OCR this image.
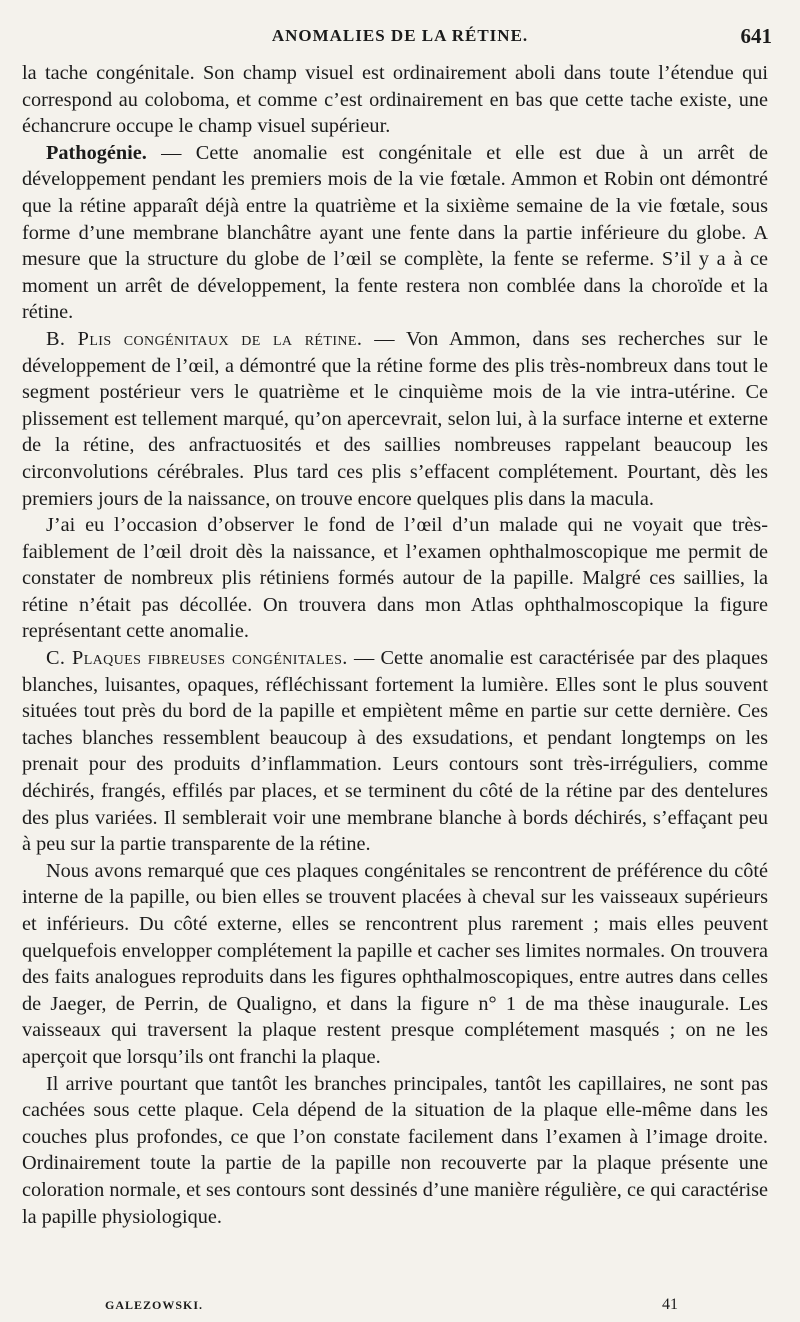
ANOMALIES DE LA RÉTINE.	641

la tache congénitale. Son champ visuel est ordinairement aboli dans toute l’étendue qui correspond au coloboma, et comme c’est ordinairement en bas que cette tache existe, une échancrure occupe le champ visuel supérieur.

Pathogénie. — Cette anomalie est congénitale et elle est due à un arrêt de développement pendant les premiers mois de la vie fœtale. Ammon et Robin ont démontré que la rétine apparaît déjà entre la quatrième et la sixième semaine de la vie fœtale, sous forme d’une membrane blanchâtre ayant une fente dans la partie inférieure du globe. A mesure que la structure du globe de l’œil se complète, la fente se referme. S’il y a à ce moment un arrêt de développement, la fente restera non comblée dans la choroïde et la rétine.

B. Plis congénitaux de la rétine. — Von Ammon, dans ses recherches sur le développement de l’œil, a démontré que la rétine forme des plis très-nombreux dans tout le segment postérieur vers le quatrième et le cinquième mois de la vie intra-utérine. Ce plissement est tellement marqué, qu’on apercevrait, selon lui, à la surface interne et externe de la rétine, des anfractuosités et des saillies nombreuses rappelant beaucoup les circonvolutions cérébrales. Plus tard ces plis s’effacent complétement. Pourtant, dès les premiers jours de la naissance, on trouve encore quelques plis dans la macula.

J’ai eu l’occasion d’observer le fond de l’œil d’un malade qui ne voyait que très-faiblement de l’œil droit dès la naissance, et l’examen ophthalmoscopique me permit de constater de nombreux plis rétiniens formés autour de la papille. Malgré ces saillies, la rétine n’était pas décollée. On trouvera dans mon Atlas ophthalmoscopique la figure représentant cette anomalie.

C. Plaques fibreuses congénitales. — Cette anomalie est caractérisée par des plaques blanches, luisantes, opaques, réfléchissant fortement la lumière. Elles sont le plus souvent situées tout près du bord de la papille et empiètent même en partie sur cette dernière. Ces taches blanches ressemblent beaucoup à des exsudations, et pendant longtemps on les prenait pour des produits d’inflammation. Leurs contours sont très-irréguliers, comme déchirés, frangés, effilés par places, et se terminent du côté de la rétine par des dentelures des plus variées. Il semblerait voir une membrane blanche à bords déchirés, s’effaçant peu à peu sur la partie transparente de la rétine.

Nous avons remarqué que ces plaques congénitales se rencontrent de préférence du côté interne de la papille, ou bien elles se trouvent placées à cheval sur les vaisseaux supérieurs et inférieurs. Du côté externe, elles se rencontrent plus rarement ; mais elles peuvent quelquefois envelopper complétement la papille et cacher ses limites normales. On trouvera des faits analogues reproduits dans les figures ophthalmoscopiques, entre autres dans celles de Jaeger, de Perrin, de Qualigno, et dans la figure n° 1 de ma thèse inaugurale. Les vaisseaux qui traversent la plaque restent presque complétement masqués ; on ne les aperçoit que lorsqu’ils ont franchi la plaque.

Il arrive pourtant que tantôt les branches principales, tantôt les capillaires, ne sont pas cachées sous cette plaque. Cela dépend de la situation de la plaque elle-même dans les couches plus profondes, ce que l’on constate facilement dans l’examen à l’image droite. Ordinairement toute la partie de la papille non recouverte par la plaque présente une coloration normale, et ses contours sont dessinés d’une manière régulière, ce qui caractérise la papille physiologique.

GALEZOWSKI.	41
